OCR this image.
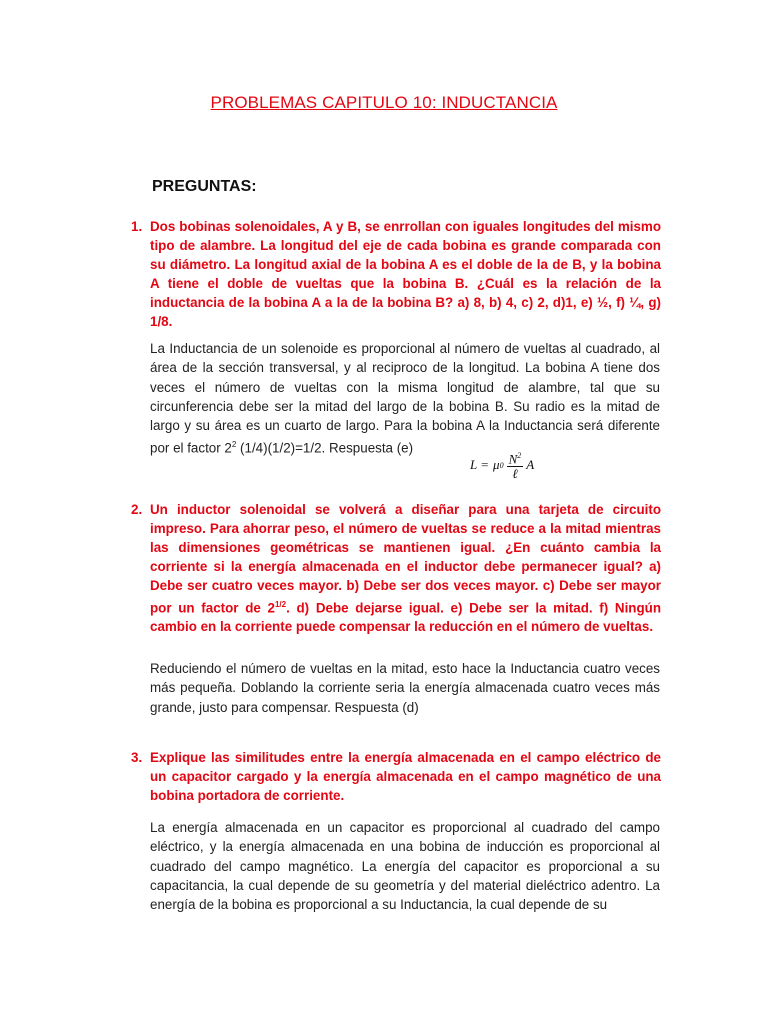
PROBLEMAS CAPITULO 10: INDUCTANCIA
PREGUNTAS:
1. Dos bobinas solenoidales, A y B, se enrrollan con iguales longitudes del mismo tipo de alambre. La longitud del eje de cada bobina es grande comparada con su diámetro. La longitud axial de la bobina A es el doble de la de B, y la bobina A tiene el doble de vueltas que la bobina B. ¿Cuál es la relación de la inductancia de la bobina A a la de la bobina B? a) 8, b) 4, c) 2, d)1, e) ½, f) ¼, g) 1/8.
La Inductancia de un solenoide es proporcional al número de vueltas al cuadrado, al área de la sección transversal, y al reciproco de la longitud. La bobina A tiene dos veces el número de vueltas con la misma longitud de alambre, tal que su circunferencia debe ser la mitad del largo de la bobina B. Su radio es la mitad de largo y su área es un cuarto de largo. Para la bobina A la Inductancia será diferente por el factor $2^2$ (1/4)(1/2)=1/2. Respuesta (e)
L = μ $0 \frac{N^2}{\text{ℓ}}$ A
2. Un inductor solenoidal se volverá a diseñar para una tarjeta de circuito impreso. Para ahorrar peso, el número de vueltas se reduce a la mitad mientras las dimensiones geométricas se mantienen igual. ¿En cuánto cambia la corriente si la energía almacenada en el inductor debe permanecer igual? a) Debe ser cuatro veces mayor. b) Debe ser dos veces mayor. c) Debe ser mayor por un factor de $2^{1/2}$. d) Debe dejarse igual. e) Debe ser la mitad. f) Ningún cambio en la corriente puede compensar la reducción en el número de vueltas.
Reduciendo el número de vueltas en la mitad, esto hace la Inductancia cuatro veces más pequeña. Doblando la corriente seria la energía almacenada cuatro veces más grande, justo para compensar. Respuesta (d)
3. Explique las similitudes entre la energía almacenada en el campo eléctrico de un capacitor cargado y la energía almacenada en el campo magnético de una bobina portadora de corriente.
La energía almacenada en un capacitor es proporcional al cuadrado del campo eléctrico, y la energía almacenada en una bobina de inducción es proporcional al cuadrado del campo magnético. La energía del capacitor es proporcional a su capacitancia, la cual depende de su geometría y del material dieléctrico adentro. La energía de la bobina es proporcional a su Inductancia, la cual depende de su
